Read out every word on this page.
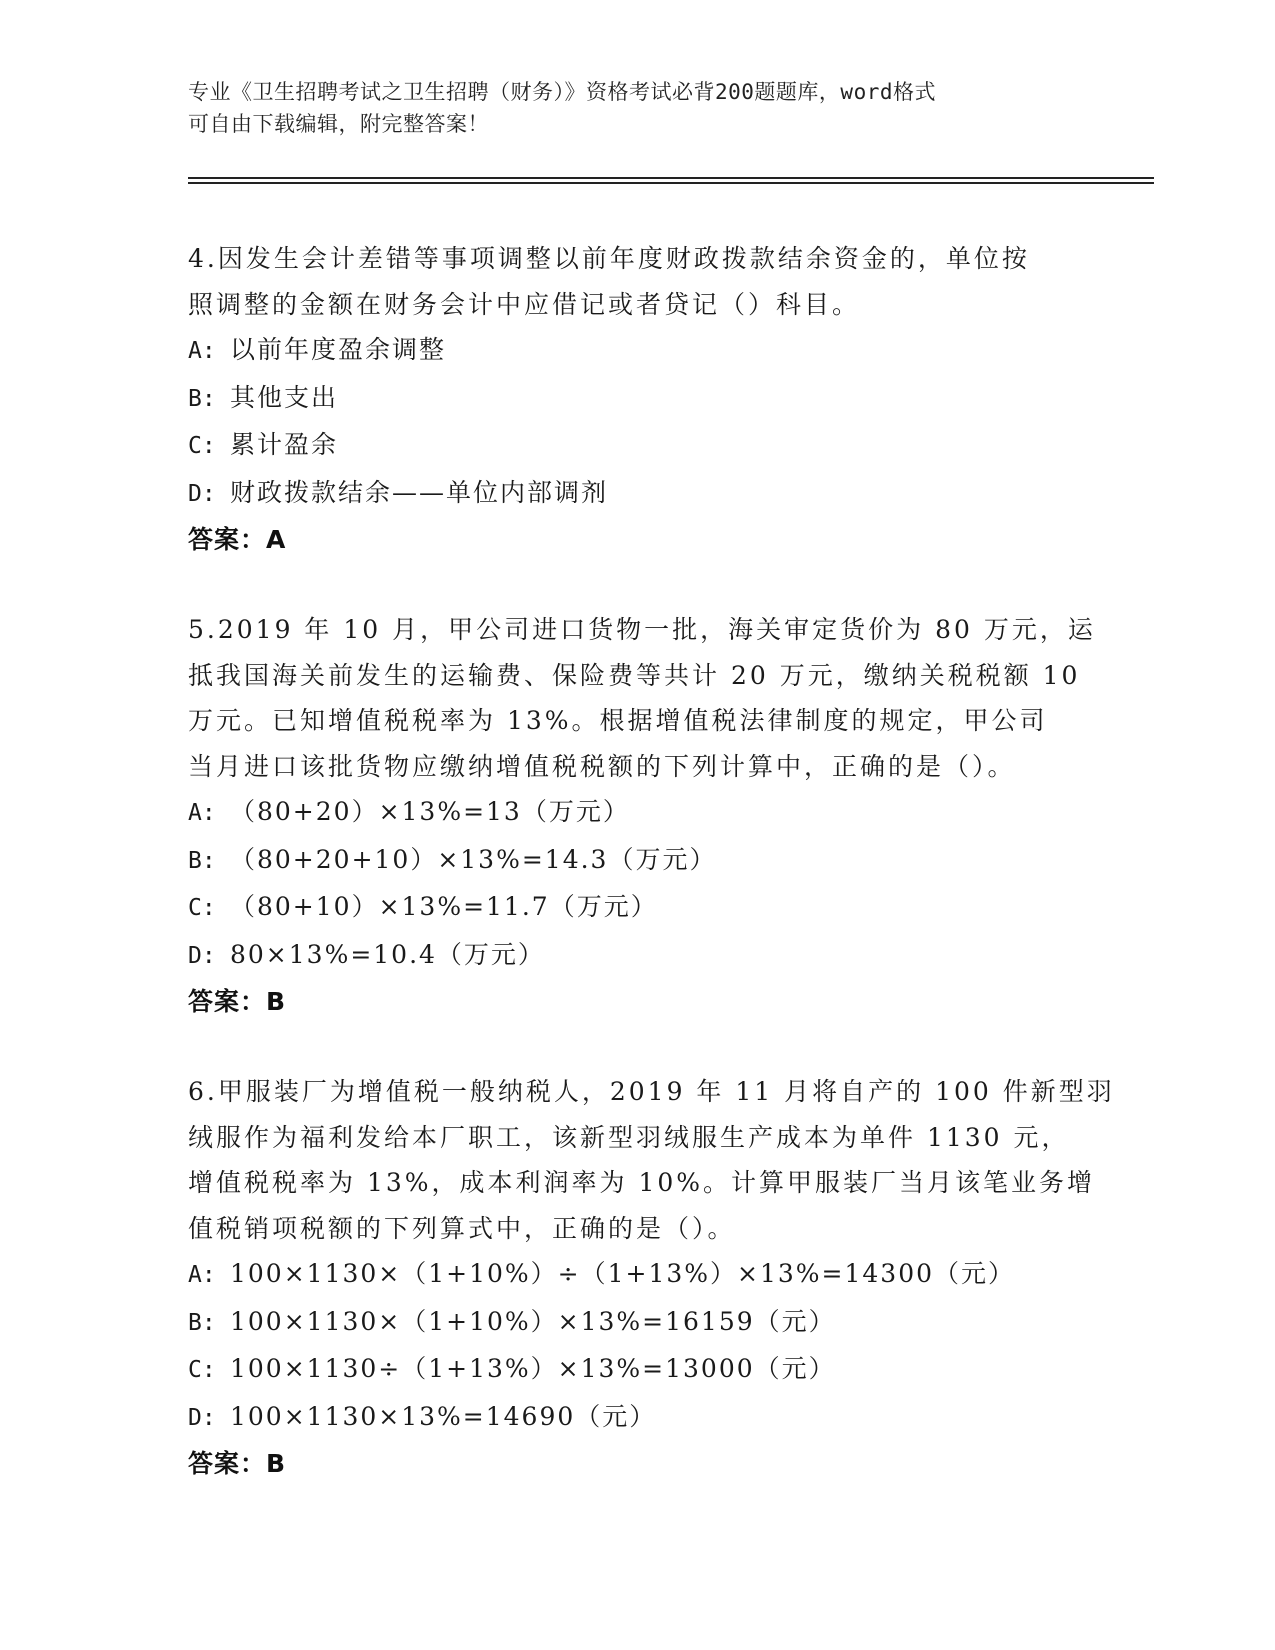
专业《卫生招聘考试之卫生招聘（财务）》资格考试必背200题题库，word格式
可自由下载编辑，附完整答案！
4.因发生会计差错等事项调整以前年度财政拨款结余资金的，单位按
照调整的金额在财务会计中应借记或者贷记（）科目。
A: 以前年度盈余调整
B: 其他支出
C: 累计盈余
D: 财政拨款结余——单位内部调剂
答案：A
5.2019 年 10 月，甲公司进口货物一批，海关审定货价为 80 万元，运
抵我国海关前发生的运输费、保险费等共计 20 万元，缴纳关税税额 10
万元。已知增值税税率为 13%。根据增值税法律制度的规定，甲公司
当月进口该批货物应缴纳增值税税额的下列计算中，正确的是（）。
A: （80+20）×13%=13（万元）
B: （80+20+10）×13%=14.3（万元）
C: （80+10）×13%=11.7（万元）
D: 80×13%=10.4（万元）
答案：B
6.甲服装厂为增值税一般纳税人，2019 年 11 月将自产的 100 件新型羽
绒服作为福利发给本厂职工，该新型羽绒服生产成本为单件 1130 元，
增值税税率为 13%，成本利润率为 10%。计算甲服装厂当月该笔业务增
值税销项税额的下列算式中，正确的是（）。
A: 100×1130×（1+10%）÷（1+13%）×13%=14300（元）
B: 100×1130×（1+10%）×13%=16159（元）
C: 100×1130÷（1+13%）×13%=13000（元）
D: 100×1130×13%=14690（元）
答案：B
